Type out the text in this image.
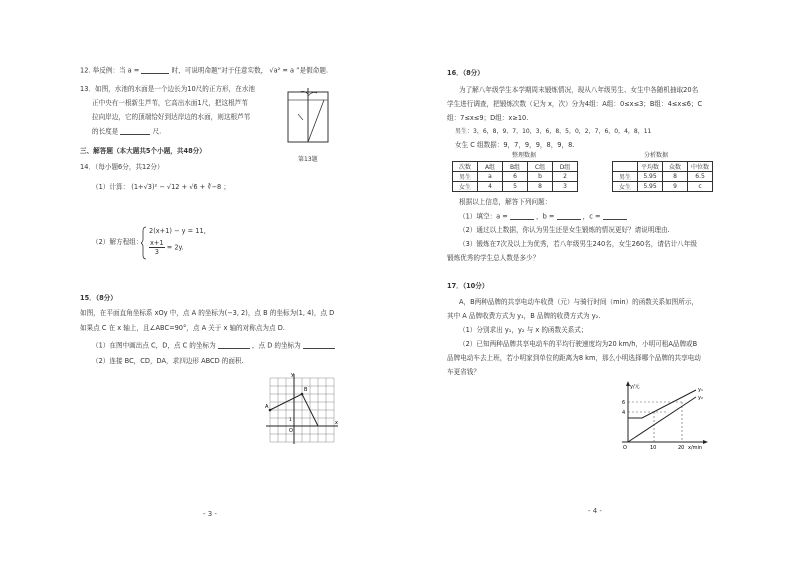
12. 举反例：当 a =	时，可说明命题“对于任意实数， √a² = a ”是假命题.
13．如图，水池的水面是一个边长为10尺的正方形，在水池
正中央有一根新生芦苇，它高出水面1尺，把这根芦苇
拉向岸边，它的顶端恰好到达岸边的水面，则这根芦苇
的长度是	尺.
第13题
三、解答题（本大题共5个小题，共48分）
14．（每小题6分，共12分）
（1）计算： (1+√3)² − √12 + √6 + ∛−8 ；
（2）解方程组：
2(x+1) − y = 11,
$\frac{x+1}{3} = 2y$.
15．（8分）
如图，在平面直角坐标系 xOy 中，点 A 的坐标为(−3, 2)，点 B 的坐标为(1, 4)，点 D
如果点 C 在 x 轴上，且∠ABC=90°，点 A 关于 x 轴的对称点为点 D.
（1）在图中画出点 C，D，点 C 的坐标为	，点 D 的坐标为
（2）连接 BC，CD，DA，求四边形 ABCD 的面积.
y
x
O
A
B
1
- 3 -
16．（8分）
为了解八年级学生本学期周末锻炼情况，现从八年级男生、女生中各随机抽取20名
学生进行调查，把锻炼次数（记为 x，次）分为4组：A组：0≤x≤3；B组：4≤x≤6；C
组：7≤x≤9；D组：x≥10.
男生：3，6，8，9，7，10，3，6，8，5，0，2，7，6，0，4，8，11
女生 C 组数据：9，7，9，9，8，9，8.
整理数据
次数	A组	B组	C组	D组
男生	a	6	b	2
女生	4	5	8	3
分析数据
	平均数	众数	中位数
男生	5.95	8	6.5
女生	5.95	9	c
根据以上信息，解答下列问题：
（1）填空：a =	，b =	，c =
（2）通过以上数据，你认为男生还是女生锻炼的情况更好？请说明理由.
（3）锻炼在7次及以上为优秀，若八年级男生240名，女生260名，请估计八年级
锻炼优秀的学生总人数是多少？
17．（10分）
A，B两种品牌的共享电动车收费（元）与骑行时间（min）的函数关系如图所示，
其中 A 品牌收费方式为 y₁，B 品牌的收费方式为 y₂.
（1）分别求出 y₁，y₂ 与 x 的函数关系式；
（2）已知两种品牌共享电动车的平均行驶速度均为20 km/h，小明可租A品牌或B
品牌电动车去上班，若小明家到单位的距离为8 km，那么小明选择哪个品牌的共享电动
车更省钱？
y/元
x/min
6
4
10	20
O
y₁
y₂
- 4 -
